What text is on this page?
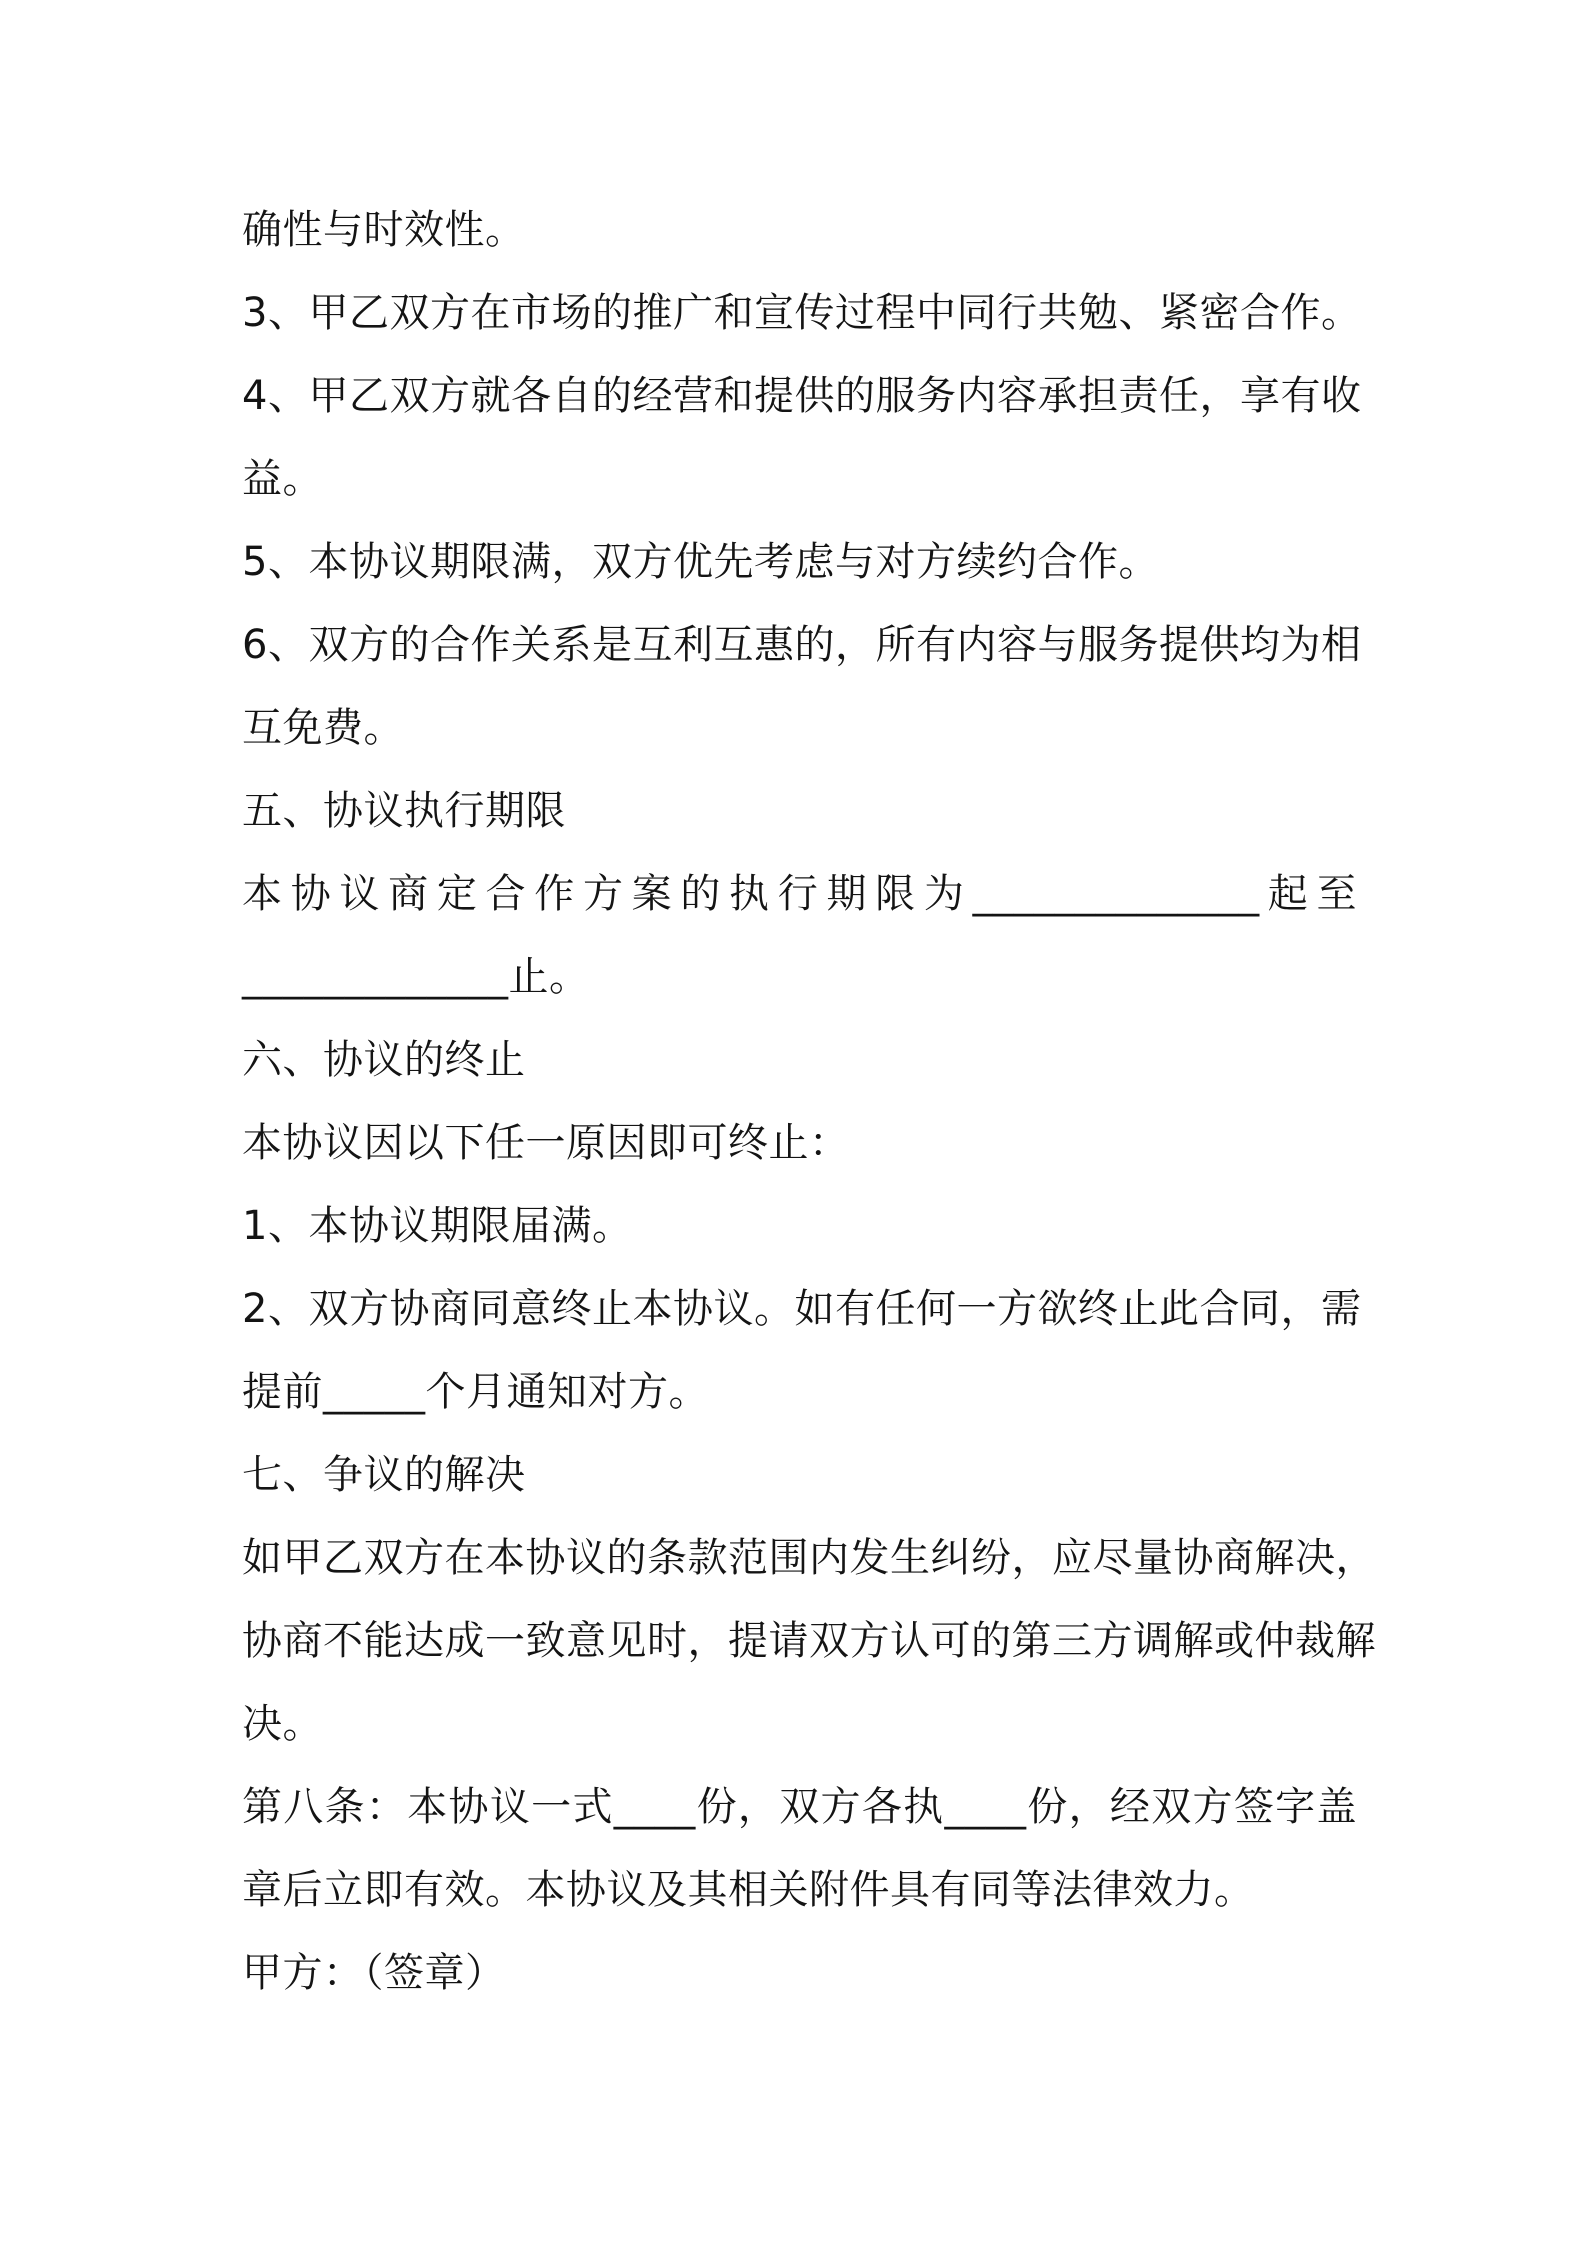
确性与时效性。
3、甲乙双方在市场的推广和宣传过程中同行共勉、紧密合作。
4、甲乙双方就各自的经营和提供的服务内容承担责任，享有收
益。
5、本协议期限满，双方优先考虑与对方续约合作。
6、双方的合作关系是互利互惠的，所有内容与服务提供均为相
互免费。
五、协议执行期限
本协议商定合作方案的执行期限为______________起至
_____________止。
六、协议的终止
本协议因以下任一原因即可终止：
1、本协议期限届满。
2、双方协商同意终止本协议。如有任何一方欲终止此合同，需
提前_____个月通知对方。
七、争议的解决
如甲乙双方在本协议的条款范围内发生纠纷，应尽量协商解决，
协商不能达成一致意见时，提请双方认可的第三方调解或仲裁解
决。
第八条：本协议一式____份，双方各执____份，经双方签字盖
章后立即有效。本协议及其相关附件具有同等法律效力。
甲方：（签章）
